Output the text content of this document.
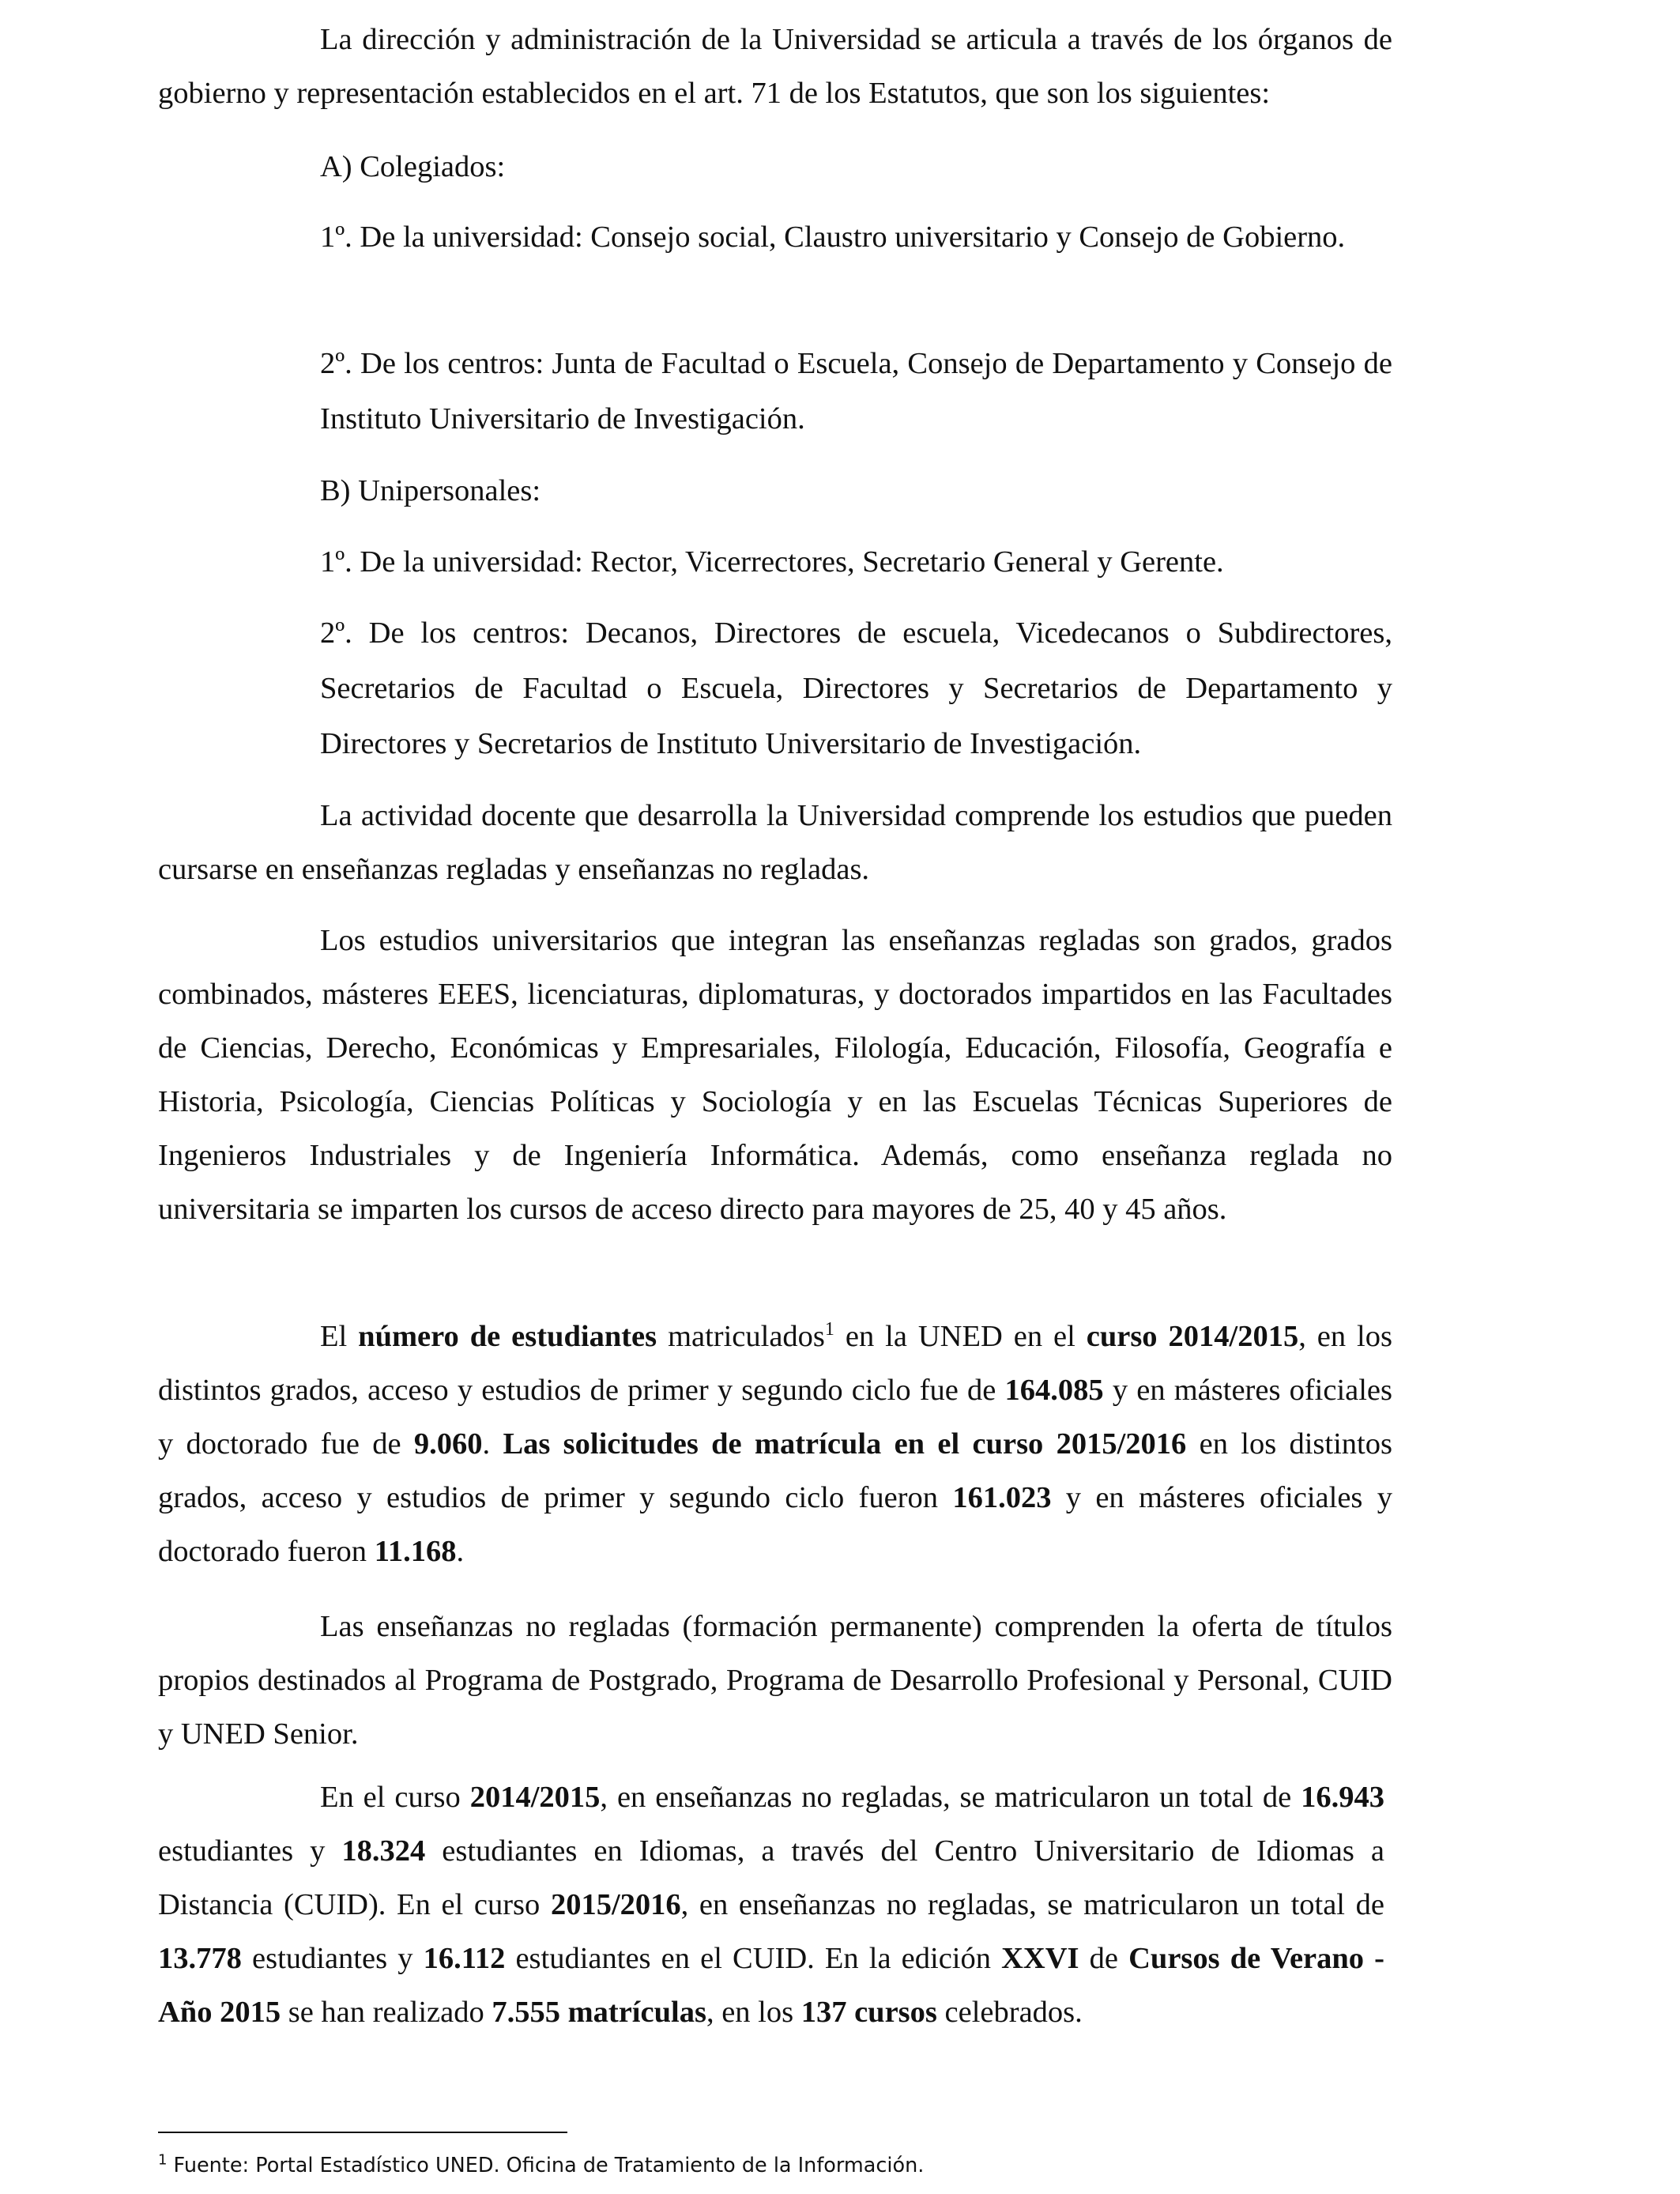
La dirección y administración de la Universidad se articula a través de los órganos de gobierno y representación establecidos en el art. 71 de los Estatutos, que son los siguientes:

A) Colegiados:

1º. De la universidad: Consejo social, Claustro universitario y Consejo de Gobierno.

2º. De los centros: Junta de Facultad o Escuela, Consejo de Departamento y Consejo de Instituto Universitario de Investigación.

B) Unipersonales:

1º. De la universidad: Rector, Vicerrectores, Secretario General y Gerente.

2º. De los centros: Decanos, Directores de escuela, Vicedecanos o Subdirectores, Secretarios de Facultad o Escuela, Directores y Secretarios de Departamento y Directores y Secretarios de Instituto Universitario de Investigación.

La actividad docente que desarrolla la Universidad comprende los estudios que pueden cursarse en enseñanzas regladas y enseñanzas no regladas.

Los estudios universitarios que integran las enseñanzas regladas son grados, grados combinados, másteres EEES, licenciaturas, diplomaturas, y doctorados impartidos en las Facultades de Ciencias, Derecho, Económicas y Empresariales, Filología, Educación, Filosofía, Geografía e Historia, Psicología, Ciencias Políticas y Sociología y en las Escuelas Técnicas Superiores de Ingenieros Industriales y de Ingeniería Informática. Además, como enseñanza reglada no universitaria se imparten los cursos de acceso directo para mayores de 25, 40 y 45 años.

El número de estudiantes matriculados$^1$ en la UNED en el curso 2014/2015, en los distintos grados, acceso y estudios de primer y segundo ciclo fue de 164.085 y en másteres oficiales y doctorado fue de 9.060. Las solicitudes de matrícula en el curso 2015/2016 en los distintos grados, acceso y estudios de primer y segundo ciclo fueron 161.023 y en másteres oficiales y doctorado fueron 11.168.

Las enseñanzas no regladas (formación permanente) comprenden la oferta de títulos propios destinados al Programa de Postgrado, Programa de Desarrollo Profesional y Personal, CUID y UNED Senior.

En el curso 2014/2015, en enseñanzas no regladas, se matricularon un total de 16.943 estudiantes y 18.324 estudiantes en Idiomas, a través del Centro Universitario de Idiomas a Distancia (CUID). En el curso 2015/2016, en enseñanzas no regladas, se matricularon un total de 13.778 estudiantes y 16.112 estudiantes en el CUID. En la edición XXVI de Cursos de Verano - Año 2015 se han realizado 7.555 matrículas, en los 137 cursos celebrados.

$^1$ Fuente: Portal Estadístico UNED. Oficina de Tratamiento de la Información.
